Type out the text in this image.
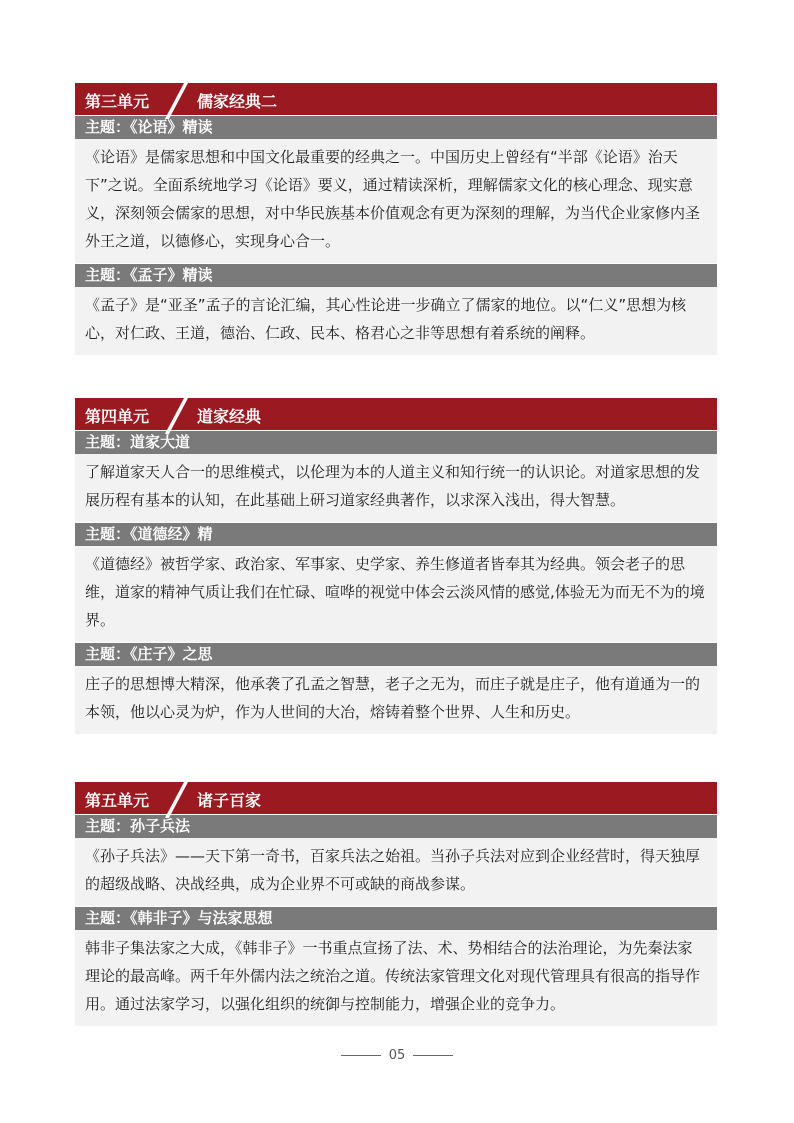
第三单元	儒家经典二
主题：《论语》精读
《论语》是儒家思想和中国文化最重要的经典之一。中国历史上曾经有“半部《论语》治天下”之说。全面系统地学习《论语》要义，通过精读深析，理解儒家文化的核心理念、现实意义，深刻领会儒家的思想，对中华民族基本价值观念有更为深刻的理解，为当代企业家修内圣外王之道，以德修心，实现身心合一。
主题：《孟子》精读
《孟子》是“亚圣”孟子的言论汇编，其心性论进一步确立了儒家的地位。以“仁义”思想为核心，对仁政、王道，德治、仁政、民本、格君心之非等思想有着系统的阐释。
第四单元	道家经典
主题：道家大道
了解道家天人合一的思维模式，以伦理为本的人道主义和知行统一的认识论。对道家思想的发展历程有基本的认知，在此基础上研习道家经典著作，以求深入浅出，得大智慧。
主题：《道德经》精
《道德经》被哲学家、政治家、军事家、史学家、养生修道者皆奉其为经典。领会老子的思维，道家的精神气质让我们在忙碌、喧哗的视觉中体会云淡风情的感觉,体验无为而无不为的境界。
主题：《庄子》之思
庄子的思想博大精深，他承袭了孔孟之智慧，老子之无为，而庄子就是庄子，他有道通为一的本领，他以心灵为炉，作为人世间的大冶，熔铸着整个世界、人生和历史。
第五单元	诸子百家
主题：孙子兵法
《孙子兵法》——天下第一奇书，百家兵法之始祖。当孙子兵法对应到企业经营时，得天独厚的超级战略、决战经典，成为企业界不可或缺的商战参谋。
主题：《韩非子》与法家思想
韩非子集法家之大成，《韩非子》一书重点宣扬了法、术、势相结合的法治理论，为先秦法家理论的最高峰。两千年外儒内法之统治之道。传统法家管理文化对现代管理具有很高的指导作用。通过法家学习，以强化组织的统御与控制能力，增强企业的竞争力。
05
